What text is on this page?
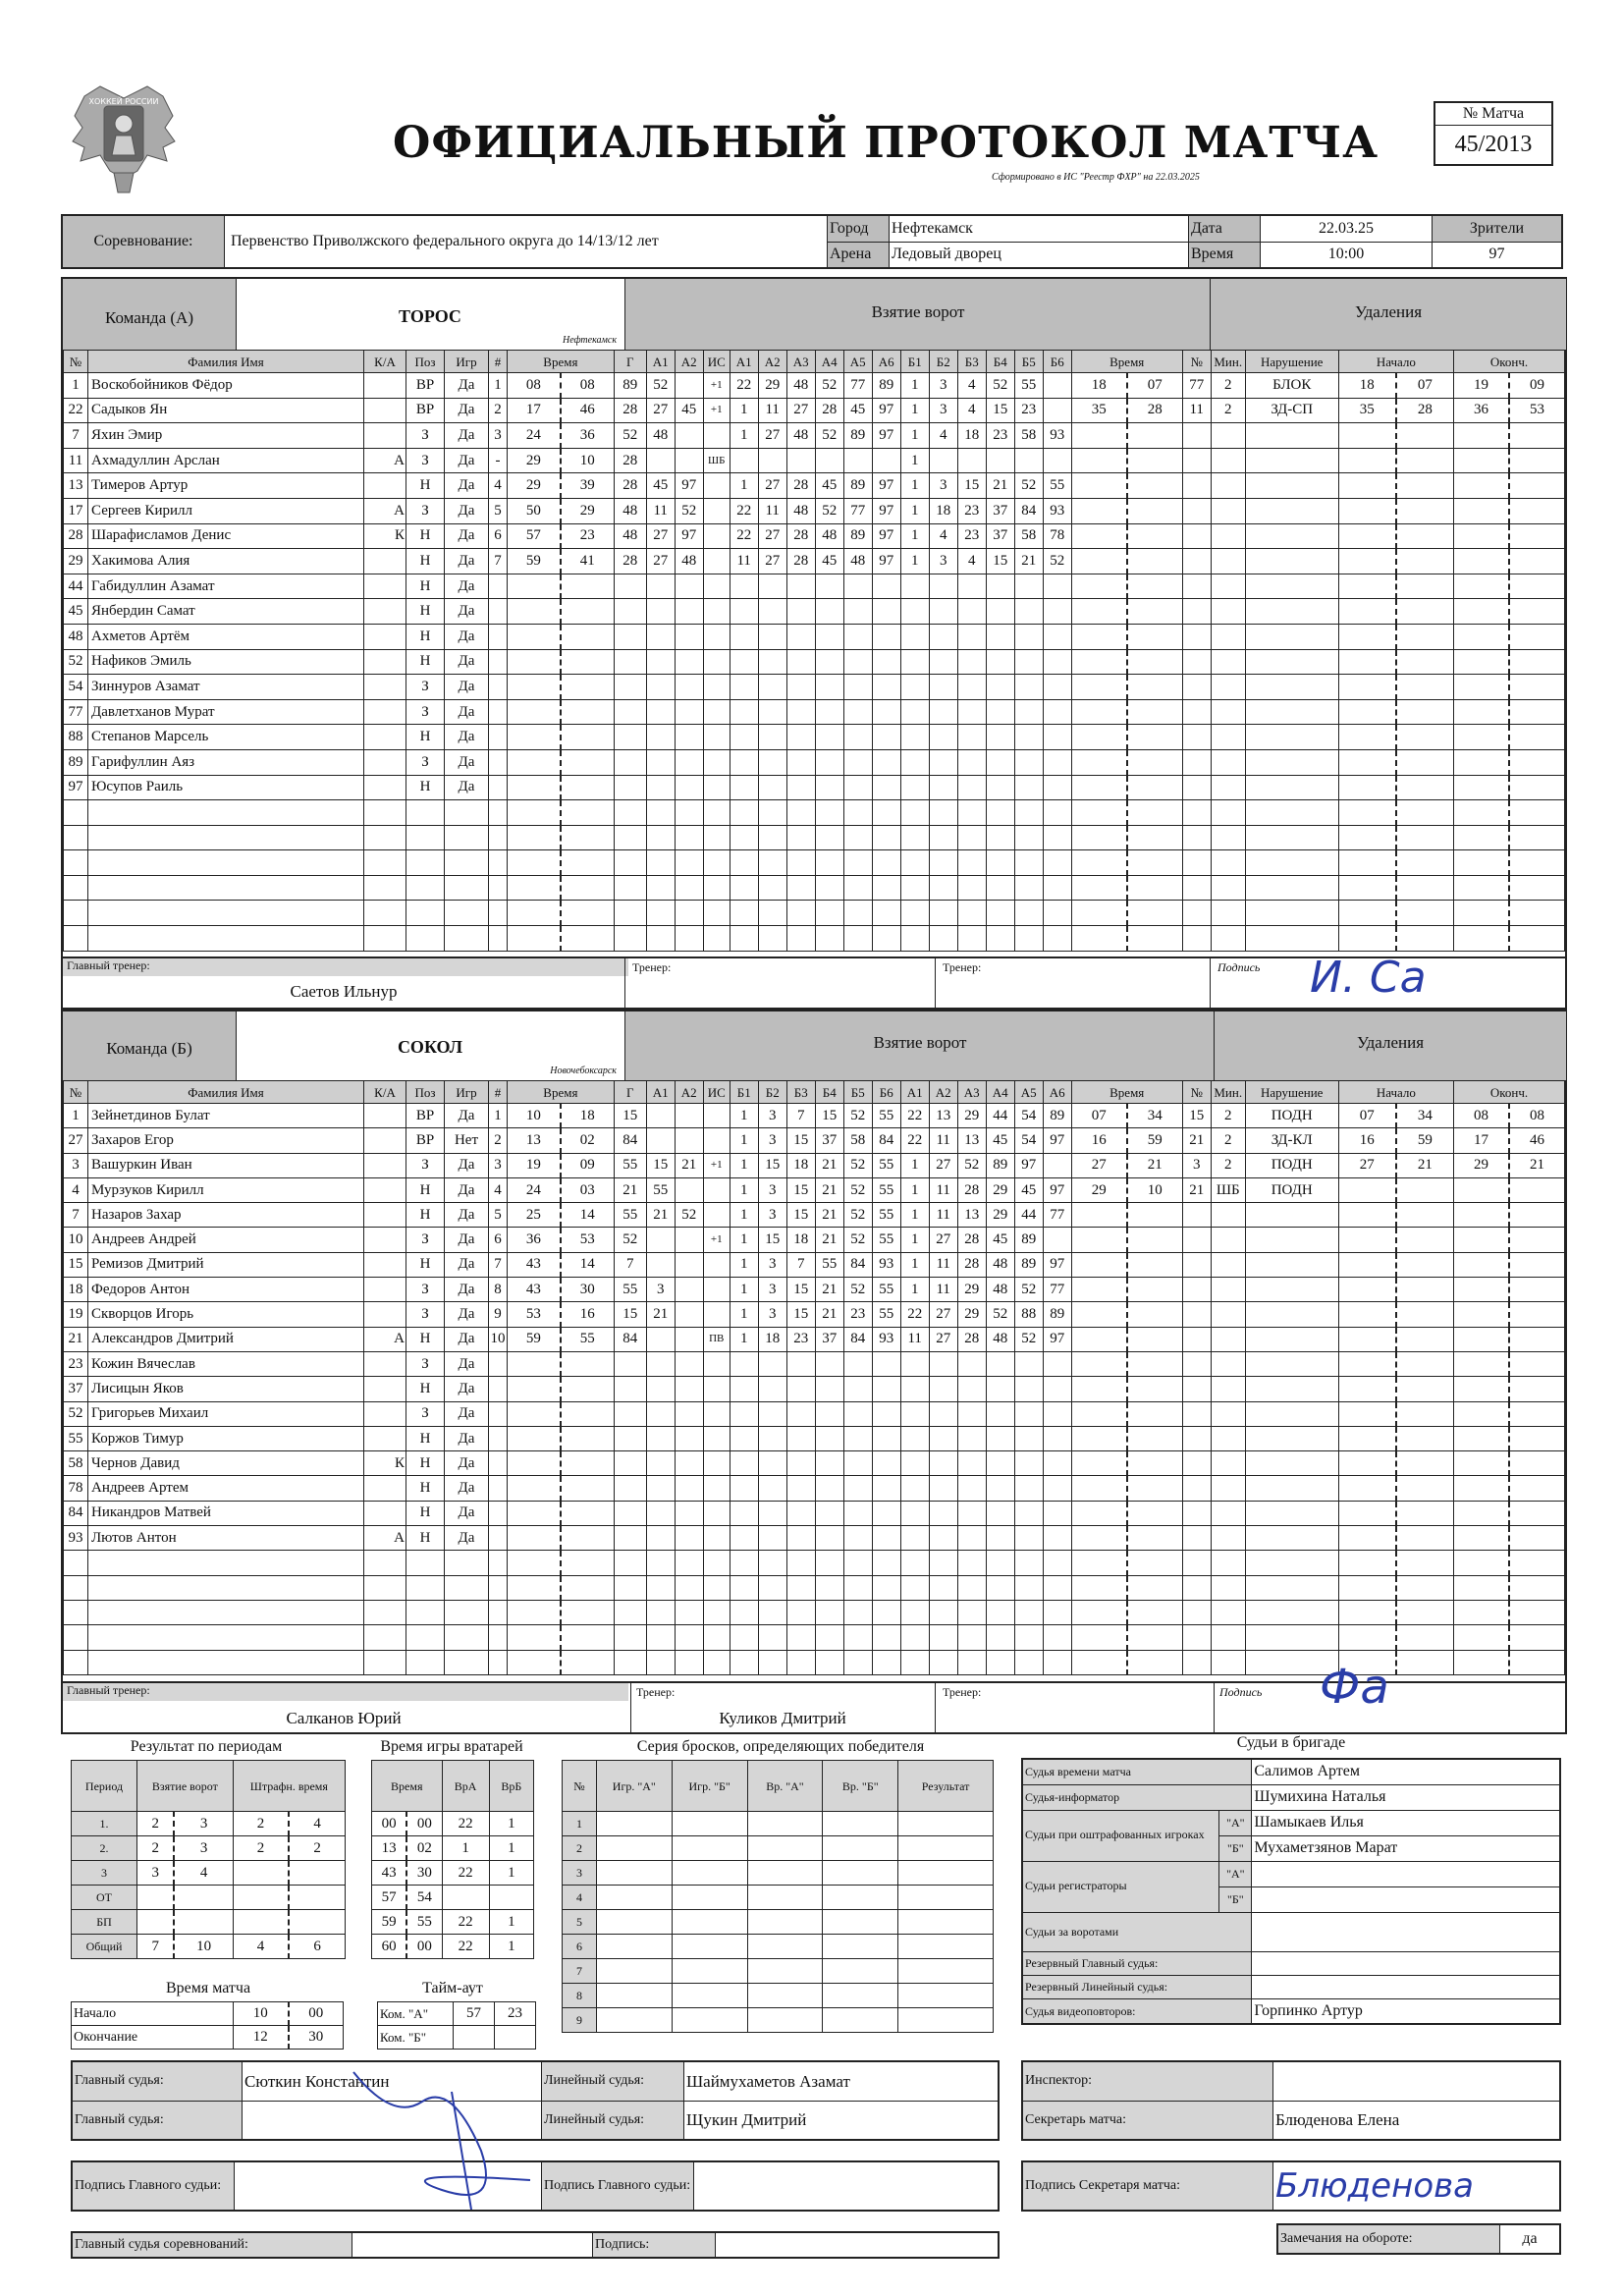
ХОККЕЙ РОССИИ
ОФИЦИАЛЬНЫЙ ПРОТОКОЛ МАТЧА
Сформировано в ИС "Реестр ФХР" на 22.03.2025
№ Матча
45/2013
Соревнование:	Первенство Приволжского федерального округа до 14/13/12 лет	Город	Нефтекамск	Дата	22.03.25	Зрители
		Арена	Ледовый дворец	Время	10:00	97
Команда (А)	ТОРОС
Нефтекамск
Взятие ворот	Удаления
№	Фамилия Имя	К/А	Поз	Игр	#	Время		Г	А1	А2	ИС	А1	А2	А3	А4	А5	А6	Б1	Б2	Б3	Б4	Б5	Б6	Время		№	Мин.	Нарушение	Начало		Оконч.	
1	Воскобойников Фёдор		ВР	Да	1	08	08	89	52		+1	22	29	48	52	77	89	1	3	4	52	55		18	07	77	2	БЛОК	18	07	19	09
22	Садыков Ян		ВР	Да	2	17	46	28	27	45	+1	1	11	27	28	45	97	1	3	4	15	23		35	28	11	2	ЗД-СП	35	28	36	53
7	Яхин Эмир		З	Да	3	24	36	52	48			1	27	48	52	89	97	1	4	18	23	58	93									
11	Ахмадуллин Арслан	А	З	Да	-	29	10	28			ШБ							1														
13	Тимеров Артур		Н	Да	4	29	39	28	45	97		1	27	28	45	89	97	1	3	15	21	52	55									
17	Сергеев Кирилл	А	З	Да	5	50	29	48	11	52		22	11	48	52	77	97	1	18	23	37	84	93									
28	Шарафисламов Денис	К	Н	Да	6	57	23	48	27	97		22	27	28	48	89	97	1	4	23	37	58	78									
29	Хакимова Алия		Н	Да	7	59	41	28	27	48		11	27	28	45	48	97	1	3	4	15	21	52									
44	Габидуллин Азамат		Н	Да																												
45	Янбердин Самат		Н	Да																												
48	Ахметов Артём		Н	Да																												
52	Нафиков Эмиль		Н	Да																												
54	Зиннуров Азамат		З	Да																												
77	Давлетханов Мурат		З	Да																												
88	Степанов Марсель		Н	Да																												
89	Гарифуллин Аяз		З	Да																												
97	Юсупов Раиль		Н	Да																												

Главный тренер:
Саетов Ильнур
Тренер:	Тренер:	Подпись И. Са
Команда (Б)	СОКОЛ
Новочебоксарск
Взятие ворот	Удаления
№	Фамилия Имя	К/А	Поз	Игр	#	Время		Г	А1	А2	ИС	Б1	Б2	Б3	Б4	Б5	Б6	А1	А2	А3	А4	А5	А6	Время		№	Мин.	Нарушение	Начало		Оконч.	
1	Зейнетдинов Булат		ВР	Да	1	10	18	15				1	3	7	15	52	55	22	13	29	44	54	89	07	34	15	2	ПОДН	07	34	08	08
27	Захаров Егор		ВР	Нет	2	13	02	84				1	3	15	37	58	84	22	11	13	45	54	97	16	59	21	2	ЗД-КЛ	16	59	17	46
3	Вашуркин Иван		З	Да	3	19	09	55	15	21	+1	1	15	18	21	52	55	1	27	52	89	97		27	21	3	2	ПОДН	27	21	29	21
4	Мурзуков Кирилл		Н	Да	4	24	03	21	55			1	3	15	21	52	55	1	11	28	29	45	97	29	10	21	ШБ	ПОДН				
7	Назаров Захар		Н	Да	5	25	14	55	21	52		1	3	15	21	52	55	1	11	13	29	44	77									
10	Андреев Андрей		З	Да	6	36	53	52			+1	1	15	18	21	52	55	1	27	28	45	89										
15	Ремизов Дмитрий		Н	Да	7	43	14	7				1	3	7	55	84	93	1	11	28	48	89	97									
18	Федоров Антон		З	Да	8	43	30	55	3			1	3	15	21	52	55	1	11	29	48	52	77									
19	Скворцов Игорь		З	Да	9	53	16	15	21			1	3	15	21	23	55	22	27	29	52	88	89									
21	Александров Дмитрий	А	Н	Да	10	59	55	84			ПВ	1	18	23	37	84	93	11	27	28	48	52	97									
23	Кожин Вячеслав		З	Да																												
37	Лисицын Яков		Н	Да																												
52	Григорьев Михаил		З	Да																												
55	Коржов Тимур		Н	Да																												
58	Чернов Давид	К	Н	Да																												
78	Андреев Артем		Н	Да																												
84	Никандров Матвей		Н	Да																												
93	Лютов Антон	А	Н	Да																												

Главный тренер:
Салканов Юрий
Тренер:
Куликов Дмитрий
Тренер:	Подпись Фа
Результат по периодам
Период	Взятие ворот		Штрафн. время	
1.	2	3	2	4
2.	2	3	2	2
3	3	4		
ОТ				
БП				
Общий	7	10	4	6
Время игры вратарей
Время		ВрА	ВрБ
00	00	22	1
13	02	1	1
43	30	22	1
57	54		
59	55	22	1
60	00	22	1
Серия бросков, определяющих победителя
№	Игр. "А"	Игр. "Б"	Вр. "А"	Вр. "Б"	Результат
1					
2					
3					
4					
5					
6					
7					
8					
9					
Время матча
Начало	10	00
Окончание	12	30
Тайм-аут
Ком. "А"	57	23
Ком. "Б"		
Судьи в бригаде
Судья времени матча		Салимов Артем
Судья-информатор		Шумихина Наталья
Судьи при оштрафованных игроках	"А"	Шамыкаев Илья
	"Б"	Мухаметзянов Марат
Судьи регистраторы	"А"	
	"Б"	
Судьи за воротами		
Резервный Главный судья:		
Резервный Линейный судья:		
Судья видеоповторов:		Горпинко Артур
Главный судья:	Сюткин Константин	Линейный судья:	Шаймухаметов Азамат
Главный судья:		Линейный судья:	Щукин Дмитрий
Инспектор:	
Секретарь матча:	Блюденова Елена
Подпись Главного судьи:		Подпись Главного судьи:		Подпись Секретаря матча:	Блюденова
Главный судья соревнований:		Подпись:		Замечания на обороте:	да
